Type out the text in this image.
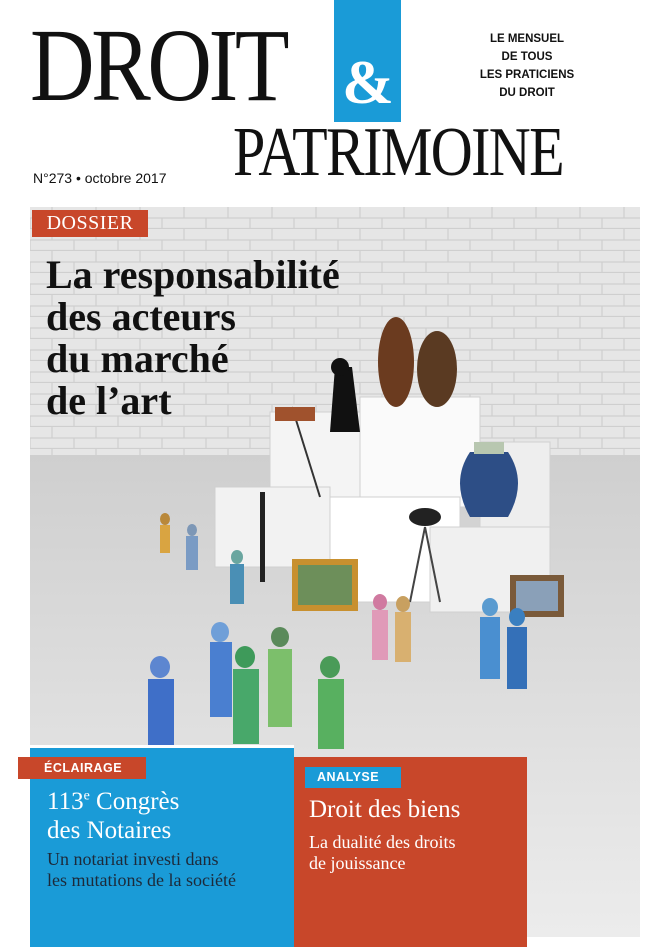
DROIT &
PATRIMOINE
LE MENSUEL
DE TOUS
LES PRATICIENS
DU DROIT
N°273 • octobre 2017
DOSSIER
La responsabilité
des acteurs
du marché
de l’art
ÉCLAIRAGE
ANALYSE
113e Congrès
des Notaires
Un notariat investi dans
les mutations de la société
Droit des biens
La dualité des droits
de jouissance
